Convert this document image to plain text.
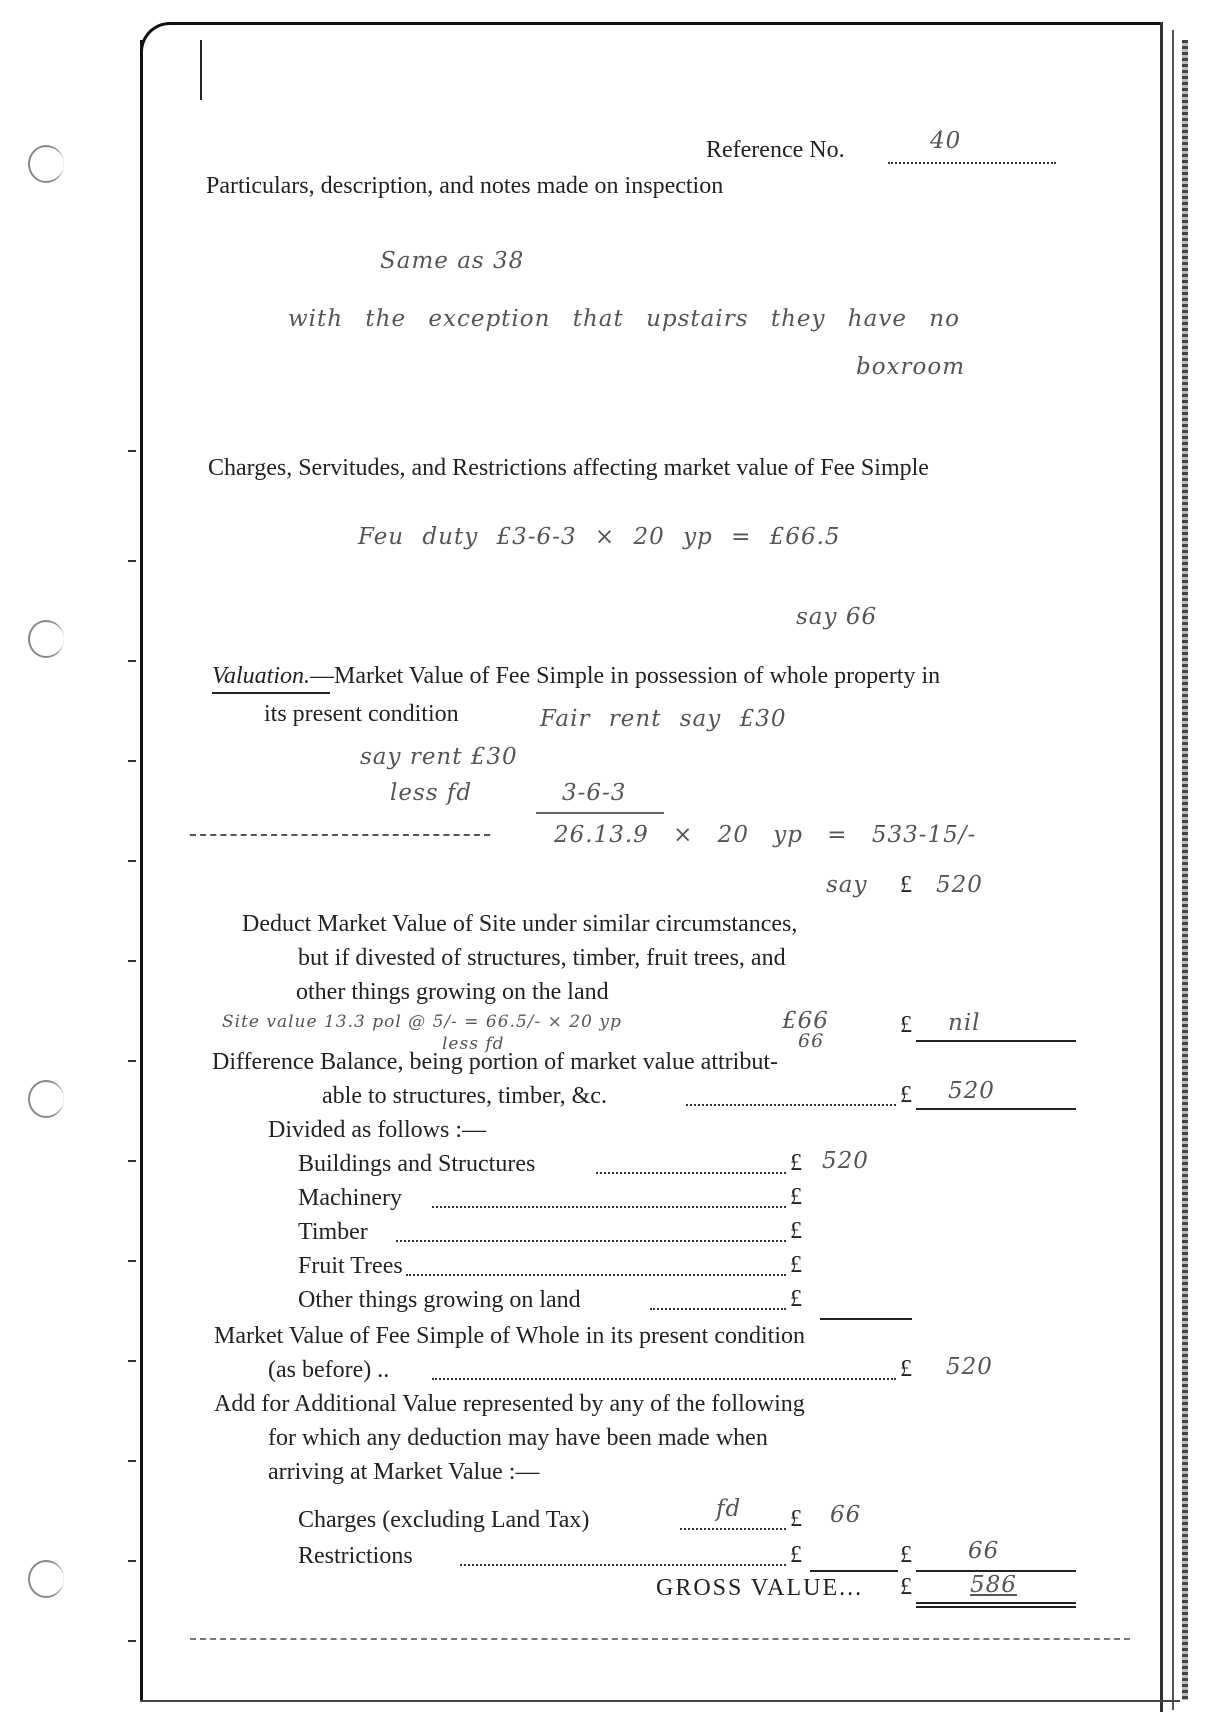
Reference No.	40
Particulars, description, and notes made on inspection
Same as 38
with the exception that upstairs they have no
boxroom
Charges, Servitudes, and Restrictions affecting market value of Fee Simple
Feu duty £3-6-3 × 20 yp = £66.5
say 66
Valuation.—Market Value of Fee Simple in possession of whole property in
its present condition	Fair rent say £30
say rent £30
less fd	3-6-3
26.13.9 × 20 yp = 533-15/-
say £ 520
Deduct Market Value of Site under similar circumstances,
but if divested of structures, timber, fruit trees, and
other things growing on the land
Site value 13.3 pol @ 5/- = 66.5/- × 20 yp
less fd
£66
66
£ nil
Difference Balance, being portion of market value attribut-
able to structures, timber, &c.	£ 520
Divided as follows :—
Buildings and Structures	£ 520
Machinery	£
Timber	£
Fruit Trees	£
Other things growing on land	£
Market Value of Fee Simple of Whole in its present condition
(as before) ..	£ 520
Add for Additional Value represented by any of the following
for which any deduction may have been made when
arriving at Market Value :—
Charges (excluding Land Tax)	fd £ 66
Restrictions	£	£ 66
GROSS VALUE... £	586
